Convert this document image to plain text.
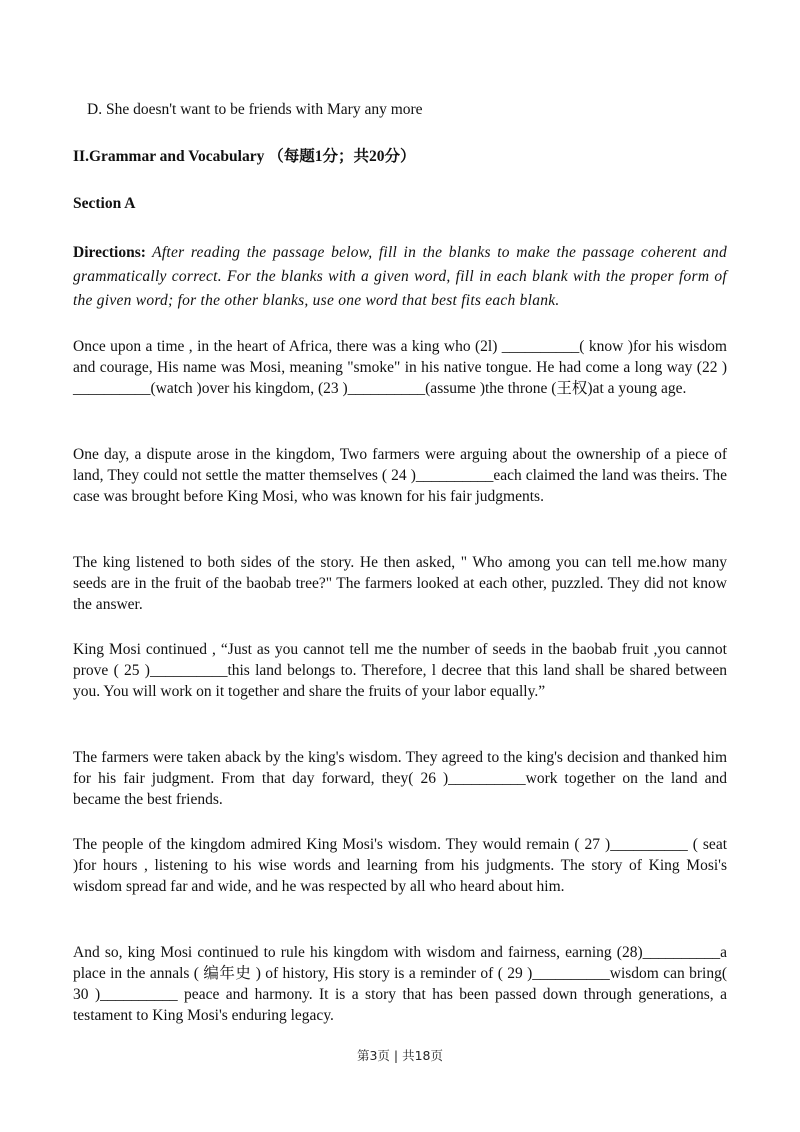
D. She doesn't want to be friends with Mary any more

II.Grammar and Vocabulary （每题1分；共20分）

Section A

Directions: After reading the passage below, fill in the blanks to make the passage coherent and grammatically correct. For the blanks with a given word, fill in each blank with the proper form of the given word; for the other blanks, use one word that best fits each blank.

Once upon a time , in the heart of Africa, there was a king who (2l) __________( know )for his wisdom and courage, His name was Mosi, meaning "smoke" in his native tongue. He had come a long way (22 ) __________(watch )over his kingdom, (23 )__________(assume )the throne (王权)at a young age.

One day, a dispute arose in the kingdom, Two farmers were arguing about the ownership of a piece of land, They could not settle the matter themselves ( 24 )__________each claimed the land was theirs. The case was brought before King Mosi, who was known for his fair judgments.

The king listened to both sides of the story. He then asked, " Who among you can tell me.how many seeds are in the fruit of the baobab tree?" The farmers looked at each other, puzzled. They did not know the answer.

King Mosi continued , “Just as you cannot tell me the number of seeds in the baobab fruit ,you cannot prove ( 25 )__________this land belongs to. Therefore, l decree that this land shall be shared between you. You will work on it together and share the fruits of your labor equally.”

The farmers were taken aback by the king's wisdom. They agreed to the king's decision and thanked him for his fair judgment. From that day forward, they( 26 )__________work together on the land and became the best friends.

The people of the kingdom admired King Mosi's wisdom. They would remain ( 27 )__________ ( seat )for hours , listening to his wise words and learning from his judgments. The story of King Mosi's wisdom spread far and wide, and he was respected by all who heard about him.

And so, king Mosi continued to rule his kingdom with wisdom and fairness, earning (28)__________a place in the annals ( 编年史 ) of history, His story is a reminder of ( 29 )__________wisdom can bring( 30 )__________ peace and harmony. It is a story that has been passed down through generations, a testament to King Mosi's enduring legacy.

第3页 | 共18页
